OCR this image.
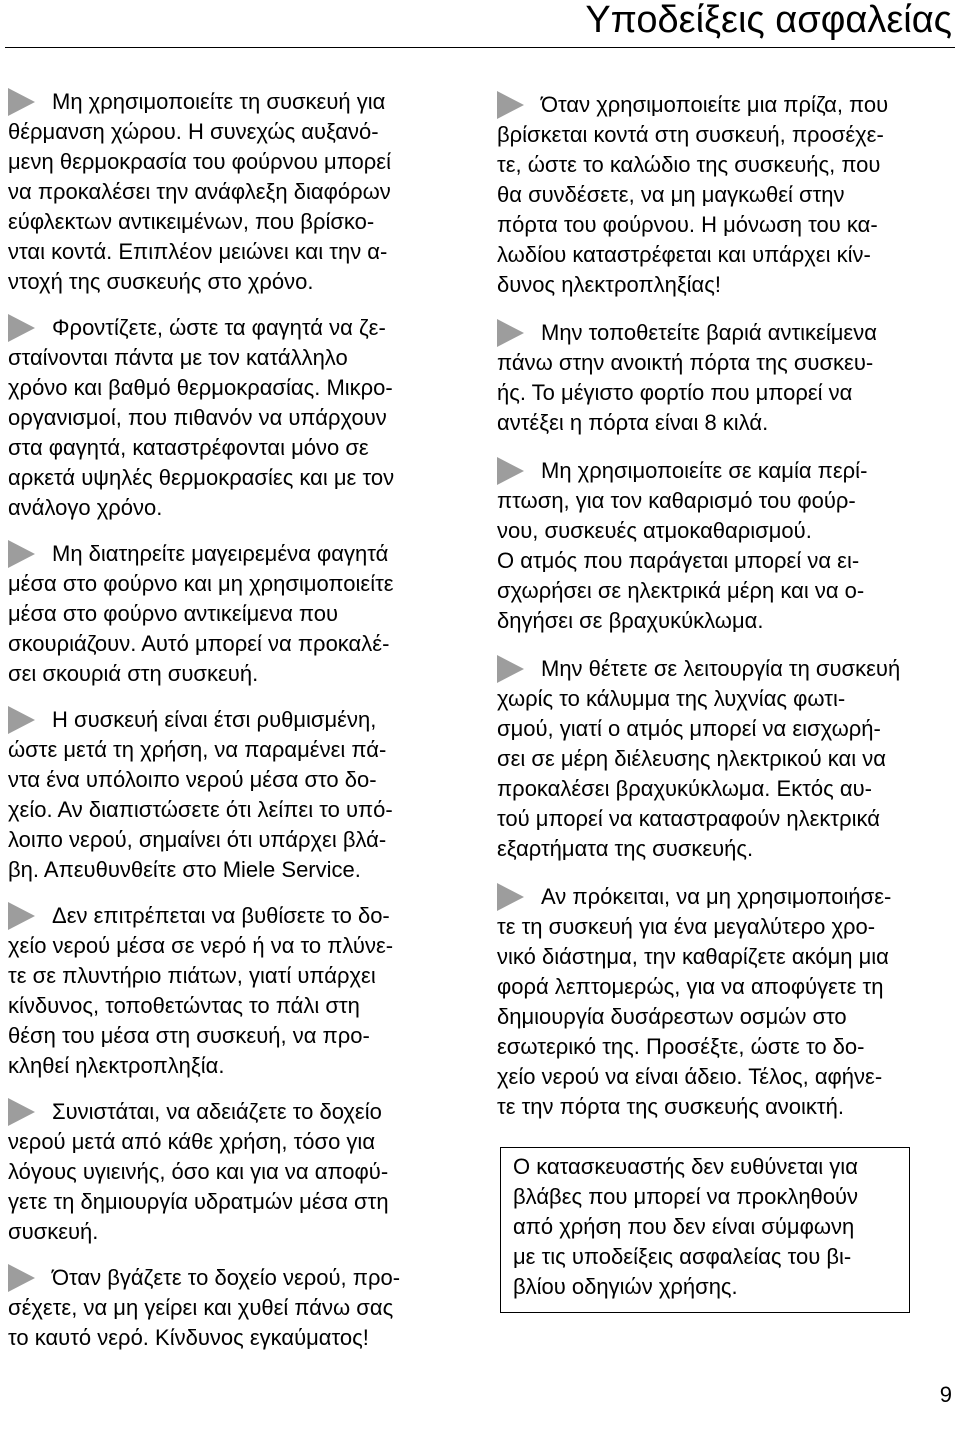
Υποδείξεις ασφαλείας

Μη χρησιμοποιείτε τη συσκευή για
θέρμανση χώρου. Η συνεχώς αυξανό-
μενη θερμοκρασία του φούρνου μπορεί
να προκαλέσει την ανάφλεξη διαφόρων
εύφλεκτων αντικειμένων, που βρίσκο-
νται κοντά. Επιπλέον μειώνει και την α-
ντοχή της συσκευής στο χρόνο.

Φροντίζετε, ώστε τα φαγητά να ζε-
σταίνονται πάντα με τον κατάλληλο
χρόνο και βαθμό θερμοκρασίας. Μικρο-
οργανισμοί, που πιθανόν να υπάρχουν
στα φαγητά, καταστρέφονται μόνο σε
αρκετά υψηλές θερμοκρασίες και με τον
ανάλογο χρόνο.

Μη διατηρείτε μαγειρεμένα φαγητά
μέσα στο φούρνο και μη χρησιμοποιείτε
μέσα στο φούρνο αντικείμενα που
σκουριάζουν. Αυτό μπορεί να προκαλέ-
σει σκουριά στη συσκευή.

Η συσκευή είναι έτσι ρυθμισμένη,
ώστε μετά τη χρήση, να παραμένει πά-
ντα ένα υπόλοιπο νερού μέσα στο δο-
χείο. Αν διαπιστώσετε ότι λείπει το υπό-
λοιπο νερού, σημαίνει ότι υπάρχει βλά-
βη. Απευθυνθείτε στο Miele Service.

Δεν επιτρέπεται να βυθίσετε το δο-
χείο νερού μέσα σε νερό ή να το πλύνε-
τε σε πλυντήριο πιάτων, γιατί υπάρχει
κίνδυνος, τοποθετώντας το πάλι στη
θέση του μέσα στη συσκευή, να προ-
κληθεί ηλεκτροπληξία.

Συνιστάται, να αδειάζετε το δοχείο
νερού μετά από κάθε χρήση, τόσο για
λόγους υγιεινής, όσο και για να αποφύ-
γετε τη δημιουργία υδρατμών μέσα στη
συσκευή.

Όταν βγάζετε το δοχείο νερού, προ-
σέχετε, να μη γείρει και χυθεί πάνω σας
το καυτό νερό. Κίνδυνος εγκαύματος!

Όταν χρησιμοποιείτε μια πρίζα, που
βρίσκεται κοντά στη συσκευή, προσέχε-
τε, ώστε το καλώδιο της συσκευής, που
θα συνδέσετε, να μη μαγκωθεί στην
πόρτα του φούρνου. Η μόνωση του κα-
λωδίου καταστρέφεται και υπάρχει κίν-
δυνος ηλεκτροπληξίας!

Μην τοποθετείτε βαριά αντικείμενα
πάνω στην ανοικτή πόρτα της συσκευ-
ής. Το μέγιστο φορτίο που μπορεί να
αντέξει η πόρτα είναι 8 κιλά.

Μη χρησιμοποιείτε σε καμία περί-
πτωση, για τον καθαρισμό του φούρ-
νου, συσκευές ατμοκαθαρισμού.
Ο ατμός που παράγεται μπορεί να ει-
σχωρήσει σε ηλεκτρικά μέρη και να ο-
δηγήσει σε βραχυκύκλωμα.

Μην θέτετε σε λειτουργία τη συσκευή
χωρίς το κάλυμμα της λυχνίας φωτι-
σμού, γιατί ο ατμός μπορεί να εισχωρή-
σει σε μέρη διέλευσης ηλεκτρικού και να
προκαλέσει βραχυκύκλωμα. Εκτός αυ-
τού μπορεί να καταστραφούν ηλεκτρικά
εξαρτήματα της συσκευής.

Αν πρόκειται, να μη χρησιμοποιήσε-
τε τη συσκευή για ένα μεγαλύτερο χρο-
νικό διάστημα, την καθαρίζετε ακόμη μια
φορά λεπτομερώς, για να αποφύγετε τη
δημιουργία δυσάρεστων οσμών στο
εσωτερικό της. Προσέξτε, ώστε το δο-
χείο νερού να είναι άδειο. Τέλος, αφήνε-
τε την πόρτα της συσκευής ανοικτή.

Ο κατασκευαστής δεν ευθύνεται για
βλάβες που μπορεί να προκληθούν
από χρήση που δεν είναι σύμφωνη
με τις υποδείξεις ασφαλείας του βι-
βλίου οδηγιών χρήσης.
9
